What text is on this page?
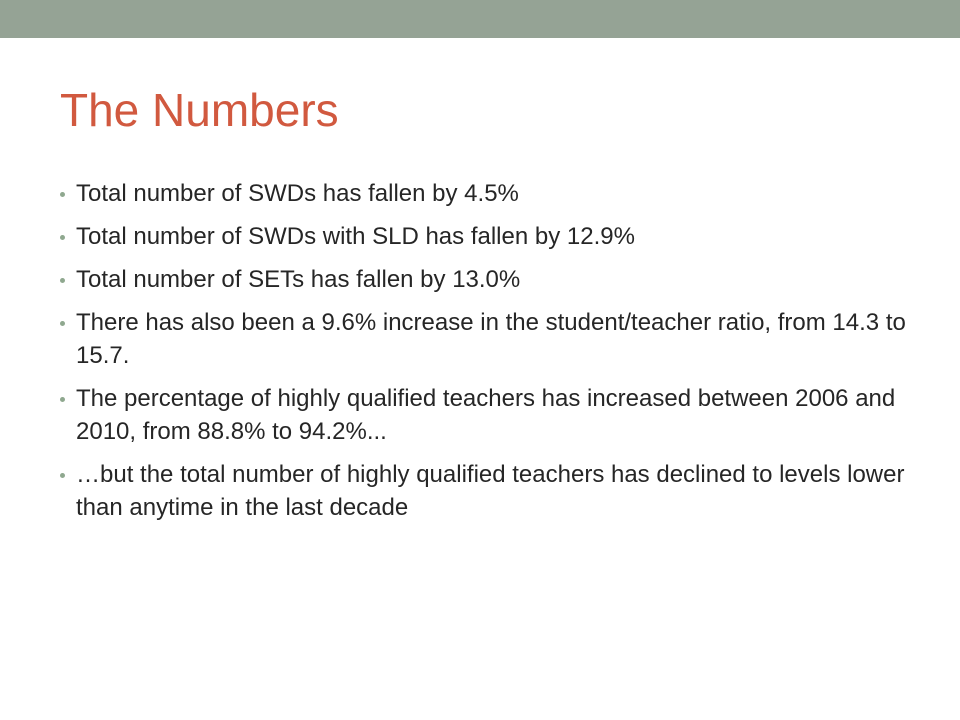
The Numbers
Total number of SWDs has fallen by 4.5%
Total number of SWDs with SLD has fallen by 12.9%
Total number of SETs has fallen by 13.0%
There has also been a 9.6% increase in the student/teacher ratio, from 14.3 to 15.7.
The percentage of highly qualified teachers has increased between 2006 and 2010, from 88.8% to 94.2%...
…but the total number of highly qualified teachers has declined to levels lower than anytime in the last decade
